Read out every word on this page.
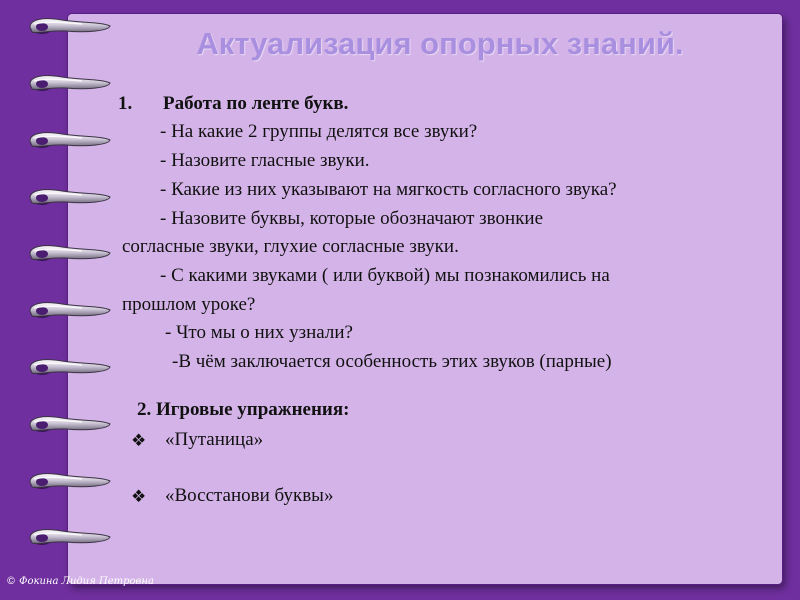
Актуализация опорных знаний.
1. Работа по ленте букв.
- На какие 2 группы делятся все звуки?
- Назовите гласные звуки.
- Какие из них указывают на мягкость согласного звука?
- Назовите буквы, которые обозначают звонкие
согласные звуки, глухие согласные звуки.
- С какими звуками ( или буквой) мы познакомились на
прошлом уроке?
- Что мы о них узнали?
-В чём заключается особенность этих звуков (парные)
2. Игровые упражнения:
❖ «Путаница»
❖ «Восстанови буквы»
© Фокина Лидия Петровна
